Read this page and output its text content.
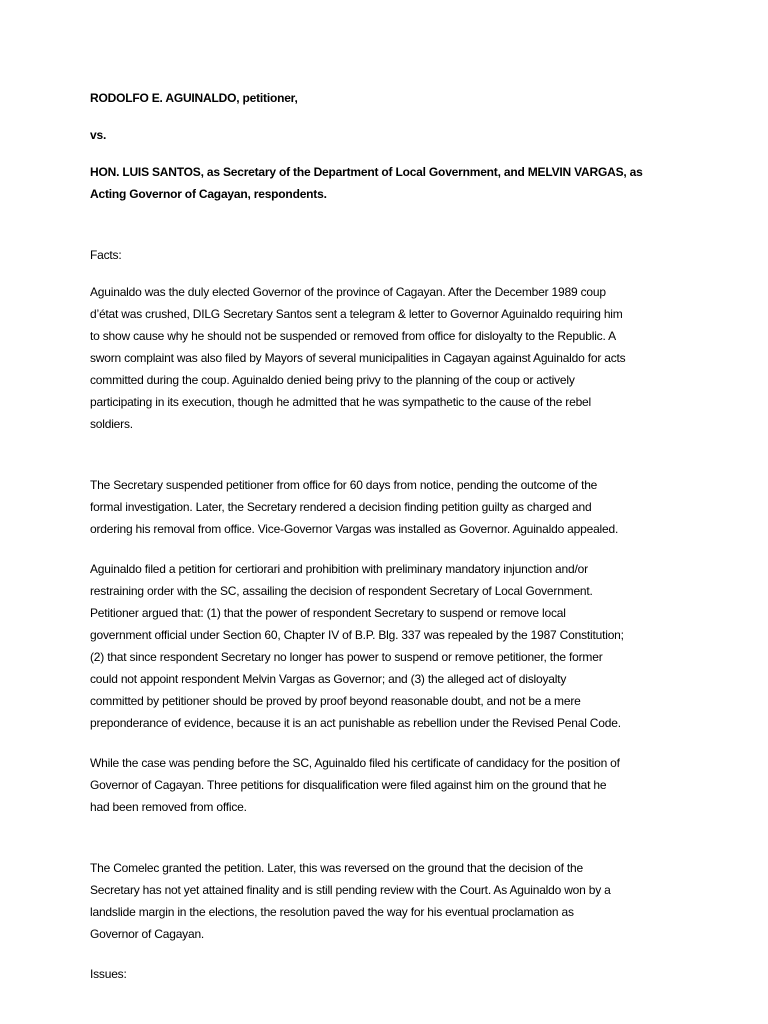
RODOLFO E. AGUINALDO, petitioner,
vs.

HON. LUIS SANTOS, as Secretary of the Department of Local Government, and MELVIN VARGAS, as

Acting Governor of Cagayan, respondents.

Facts:

Aguinaldo was the duly elected Governor of the province of Cagayan. After the December 1989 coup

d’état was crushed, DILG Secretary Santos sent a telegram & letter to Governor Aguinaldo requiring him

to show cause why he should not be suspended or removed from office for disloyalty to the Republic. A

sworn complaint was also filed by Mayors of several municipalities in Cagayan against Aguinaldo for acts

committed during the coup. Aguinaldo denied being privy to the planning of the coup or actively

participating in its execution, though he admitted that he was sympathetic to the cause of the rebel

soldiers.

The Secretary suspended petitioner from office for 60 days from notice, pending the outcome of the

formal investigation. Later, the Secretary rendered a decision finding petition guilty as charged and

ordering his removal from office. Vice-Governor Vargas was installed as Governor. Aguinaldo appealed.

Aguinaldo filed a petition for certiorari and prohibition with preliminary mandatory injunction and/or

restraining order with the SC, assailing the decision of respondent Secretary of Local Government.

Petitioner argued that: (1) that the power of respondent Secretary to suspend or remove local

government official under Section 60, Chapter IV of B.P. Blg. 337 was repealed by the 1987 Constitution;

(2) that since respondent Secretary no longer has power to suspend or remove petitioner, the former

could not appoint respondent Melvin Vargas as Governor; and (3) the alleged act of disloyalty

committed by petitioner should be proved by proof beyond reasonable doubt, and not be a mere

preponderance of evidence, because it is an act punishable as rebellion under the Revised Penal Code.

While the case was pending before the SC, Aguinaldo filed his certificate of candidacy for the position of

Governor of Cagayan. Three petitions for disqualification were filed against him on the ground that he

had been removed from office.

The Comelec granted the petition. Later, this was reversed on the ground that the decision of the

Secretary has not yet attained finality and is still pending review with the Court. As Aguinaldo won by a

landslide margin in the elections, the resolution paved the way for his eventual proclamation as

Governor of Cagayan.

Issues:
